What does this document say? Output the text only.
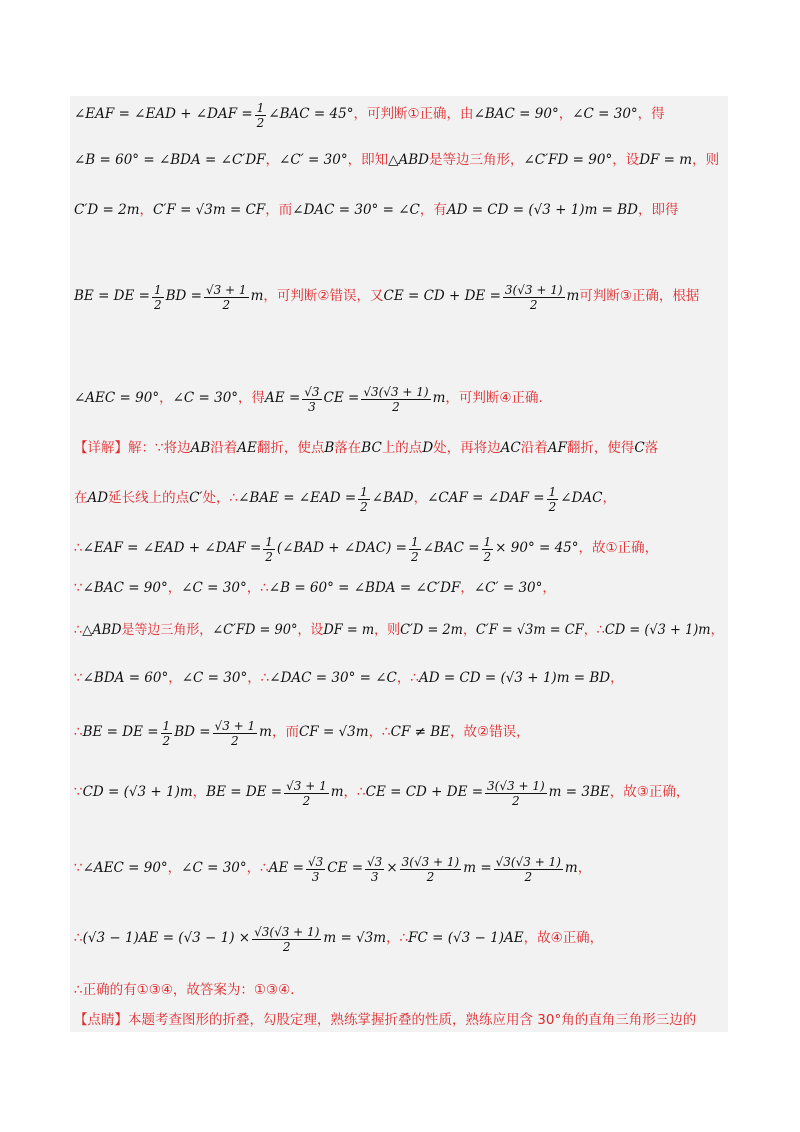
∠EAF = ∠EAD + ∠DAF = $\frac{1}{2}$ ∠BAC = 45° ，可判断①正确，由 ∠BAC = 90° ， ∠C = 30° ，得
∠B = 60° = ∠BDA = ∠C′DF ， ∠C′ = 30° ，即知 △ABD 是等边三角形， ∠C′FD = 90° ，设 DF = m ，则
C′D = 2m ， C′F = √3m = CF ，而 ∠DAC = 30° = ∠C ，有 AD = CD = (√3 + 1)m = BD ，即得
BE = DE = $\frac{1}{2}$ BD = $\frac{√3 + 1}{2}$ m ，可判断②错误，又 CE = CD + DE = $\frac{3(√3 + 1)}{2}$ m 可判断③正确，根据
∠AEC = 90° ， ∠C = 30° ，得 AE = $\frac{√3}{3}$ CE = $\frac{√3(√3 + 1)}{2}$ m ，可判断④正确.
【详解】解：∵将边 AB 沿着 AE 翻折，使点 B 落在 BC 上的点 D 处，再将边 AC 沿着 AF 翻折，使得 C 落
在 AD 延长线上的点 C′ 处，∴ ∠BAE = ∠EAD = $\frac{1}{2}$ ∠BAD ， ∠CAF = ∠DAF = $\frac{1}{2}$ ∠DAC ，
∴ ∠EAF = ∠EAD + ∠DAF = $\frac{1}{2}$ (∠BAD + ∠DAC) = $\frac{1}{2}$ ∠BAC = $\frac{1}{2} \times 90^\circ = 45^\circ$ ，故①正确，
∵ ∠BAC = 90° ， ∠C = 30° ，∴ ∠B = 60° = ∠BDA = ∠C′DF ， ∠C′ = 30° ，
∴ △ABD 是等边三角形， ∠C′FD = 90° ，设 DF = m ，则 C′D = 2m ， C′F = √3m = CF ，∴ CD = (√3 + 1)m ，
∵ ∠BDA = 60° ， ∠C = 30° ，∴ ∠DAC = 30° = ∠C ，∴ AD = CD = (√3 + 1)m = BD ，
∴ BE = DE = $\frac{1}{2}$ BD = $\frac{√3 + 1}{2}$ m ，而 CF = √3m ，∴ CF ≠ BE ，故②错误，
∵ CD = (√3 + 1)m ， BE = DE = $\frac{√3 + 1}{2}$ m ，∴ CE = CD + DE = $\frac{3(√3 + 1)}{2}$ m = 3BE ，故③正确，
∵ ∠AEC = 90° ， ∠C = 30° ，∴ AE = $\frac{√3}{3}$ CE = $\frac{√3}{3} \times \frac{3(√3 + 1)}{2}$ $m = \frac{√3(√3 + 1)}{2}$ m ，
∴ $(√3 - 1)AE = (√3 - 1) \times \frac{√3(√3 + 1)}{2}$ m = √3m ，∴ FC = (√3 − 1)AE ，故④正确，
∴正确的有①③④，故答案为：①③④.
【点睛】本题考查图形的折叠，勾股定理，熟练掌握折叠的性质，熟练应用含 30°角的直角三角形三边的
